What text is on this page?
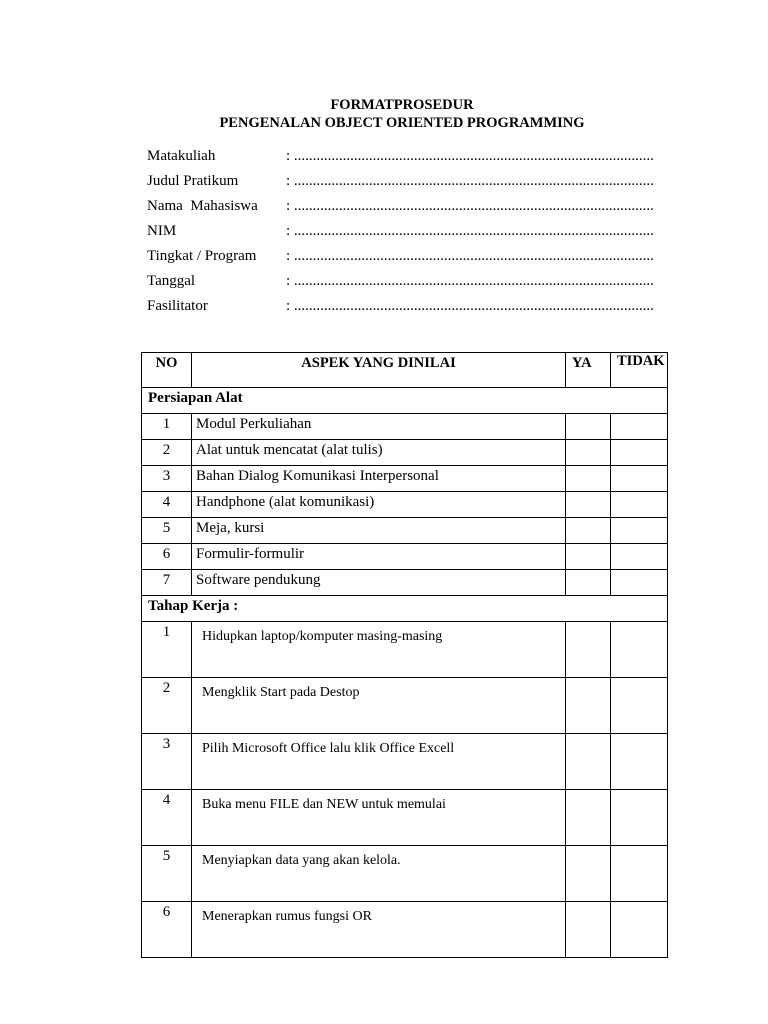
FORMATPROSEDUR
PENGENALAN OBJECT ORIENTED PROGRAMMING
Matakuliah	: ................................................................................................
Judul Pratikum	: ................................................................................................
Nama  Mahasiswa : ................................................................................................
NIM	: ................................................................................................
Tingkat / Program : ................................................................................................
Tanggal	: ................................................................................................
Fasilitator	: ................................................................................................
NO	ASPEK YANG DINILAI	YA	TIDAK
Persiapan Alat			
1	Modul Perkuliahan		
2	Alat untuk mencatat (alat tulis)		
3	Bahan Dialog Komunikasi Interpersonal		
4	Handphone (alat komunikasi)		
5	Meja, kursi		
6	Formulir-formulir		
7	Software pendukung		
Tahap Kerja :			
1	Hidupkan laptop/komputer masing-masing		
2	Mengklik Start pada Destop		
3	Pilih Microsoft Office lalu klik Office Excell		
4	Buka menu FILE dan NEW untuk memulai		
5	Menyiapkan data yang akan kelola.		
6	Menerapkan rumus fungsi OR		
